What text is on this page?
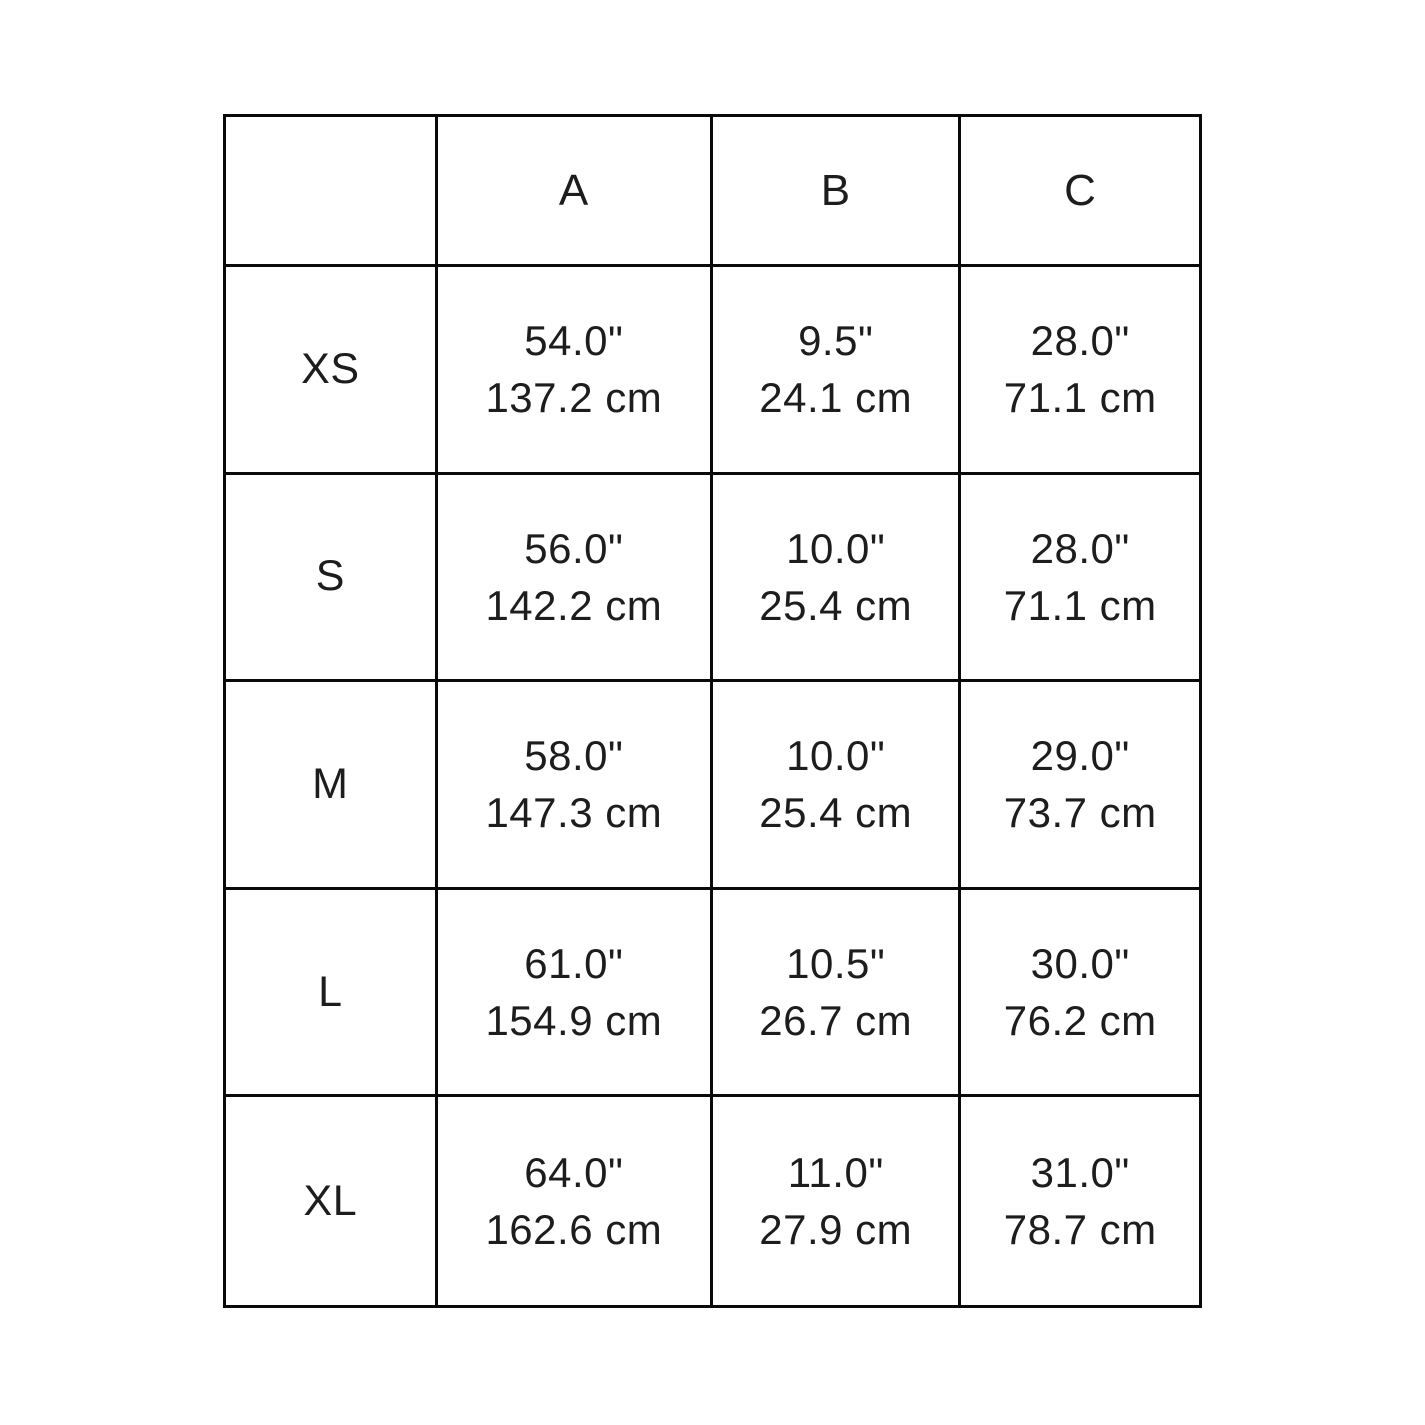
A	B	C
XS
54.0"
137.2 cm
9.5"
24.1 cm
28.0"
71.1 cm
S
56.0"
142.2 cm
10.0"
25.4 cm
28.0"
71.1 cm
M
58.0"
147.3 cm
10.0"
25.4 cm
29.0"
73.7 cm
L
61.0"
154.9 cm
10.5"
26.7 cm
30.0"
76.2 cm
XL
64.0"
162.6 cm
11.0"
27.9 cm
31.0"
78.7 cm
